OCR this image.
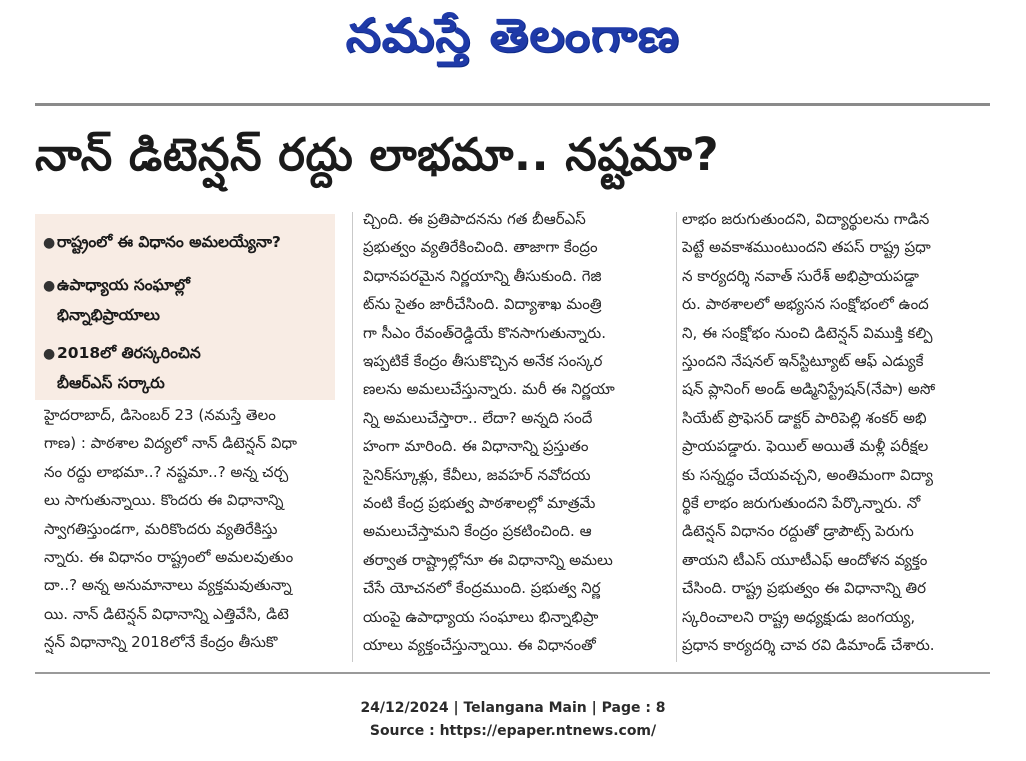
నమస్తే తెలంగాణ
నాన్ డిటెన్షన్ రద్దు లాభమా.. నష్టమా?
● రాష్ట్రంలో ఈ విధానం అమలయ్యేనా?
● ఉపాధ్యాయ సంఘాల్లో
భిన్నాభిప్రాయాలు
● 2018లో తిరస్కరించిన
బీఆర్ఎస్ సర్కారు
హైదరాబాద్, డిసెంబర్ 23 (నమస్తే తెలం
గాణ) : పాఠశాల విద్యలో నాన్ డిటెన్షన్ విధా
నం రద్దు లాభమా..? నష్టమా..? అన్న చర్చ
లు సాగుతున్నాయి. కొందరు ఈ విధానాన్ని
స్వాగతిస్తుండగా, మరికొందరు వ్యతిరేకిస్తు
న్నారు. ఈ విధానం రాష్ట్రంలో అమలవుతుం
దా..? అన్న అనుమానాలు వ్యక్తమవుతున్నా
యి. నాన్ డిటెన్షన్ విధానాన్ని ఎత్తివేసి, డిటె
న్షన్ విధానాన్ని 2018లోనే కేంద్రం తీసుకొ
చ్చింది. ఈ ప్రతిపాదనను గత బీఆర్ఎస్
ప్రభుత్వం వ్యతిరేకించింది. తాజాగా కేంద్రం
విధానపరమైన నిర్ణయాన్ని తీసుకుంది. గెజి
ట్‌ను సైతం జారీచేసింది. విద్యాశాఖ మంత్రి
గా సీఎం రేవంత్‌రెడ్డియే కొనసాగుతున్నారు.
ఇప్పటికే కేంద్రం తీసుకొచ్చిన అనేక సంస్కర
ణలను అమలుచేస్తున్నారు. మరీ ఈ నిర్ణయా
న్ని అమలుచేస్తారా.. లేదా? అన్నది సందే
హంగా మారింది. ఈ విధానాన్ని ప్రస్తుతం
సైనిక్‌స్కూళ్లు, కేవీలు, జవహర్ నవోదయ
వంటి కేంద్ర ప్రభుత్వ పాఠశాలల్లో మాత్రమే
అమలుచేస్తామని కేంద్రం ప్రకటించింది. ఆ
తర్వాత రాష్ట్రాల్లోనూ ఈ విధానాన్ని అమలు
చేసే యోచనలో కేంద్రముంది. ప్రభుత్వ నిర్ణ
యంపై ఉపాధ్యాయ సంఘాలు భిన్నాభిప్రా
యాలు వ్యక్తంచేస్తున్నాయి. ఈ విధానంతో
లాభం జరుగుతుందని, విద్యార్థులను గాడిన
పెట్టే అవకాశముంటుందని తపస్ రాష్ట్ర ప్రధా
న కార్యదర్శి నవాత్ సురేశ్ అభిప్రాయపడ్డా
రు. పాఠశాలలో అభ్యసన సంక్షోభంలో ఉంద
ని, ఈ సంక్షోభం నుంచి డిటెన్షన్ విముక్తి కల్పి
స్తుందని నేషనల్ ఇన్‌స్టిట్యూట్ ఆఫ్ ఎడ్యుకే
షన్ ప్లానింగ్ అండ్ అడ్మినిస్ట్రేషన్(నేపా) అసో
సియేట్ ప్రొఫెసర్ డాక్టర్ పారిపెల్లి శంకర్ అభి
ప్రాయపడ్డారు. ఫెయిల్ అయితే మళ్లీ పరీక్షల
కు సన్నద్ధం చేయవచ్చని, అంతిమంగా విద్యా
ర్థికే లాభం జరుగుతుందని పేర్కొన్నారు. నో
డిటెన్షన్ విధానం రద్దుతో డ్రాపౌట్స్ పెరుగు
తాయని టీఎస్ యూటీఎఫ్ ఆందోళన వ్యక్తం
చేసింది. రాష్ట్ర ప్రభుత్వం ఈ విధానాన్ని తిర
స్కరించాలని రాష్ట్ర అధ్యక్షుడు జంగయ్య,
ప్రధాన కార్యదర్శి చావ రవి డిమాండ్ చేశారు.
24/12/2024 | Telangana Main | Page : 8
Source : https://epaper.ntnews.com/
